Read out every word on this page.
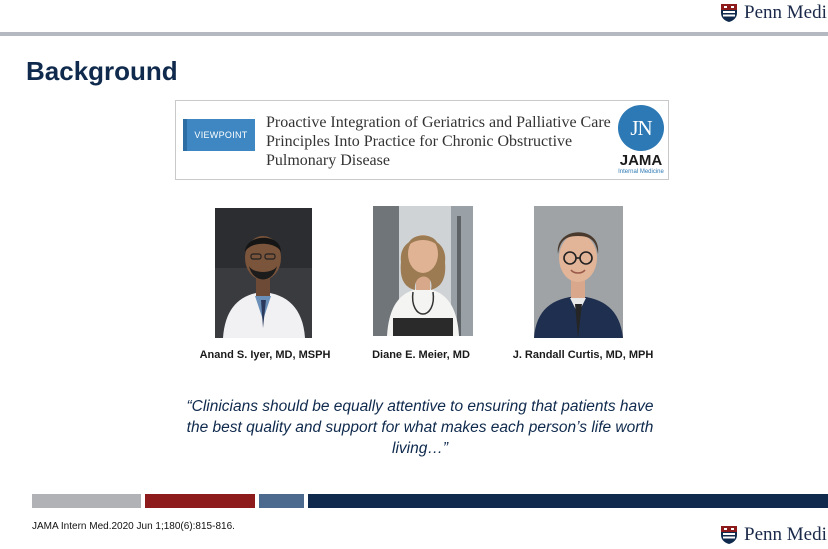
Penn Medi
Background
VIEWPOINT
Proactive Integration of Geriatrics and Palliative Care Principles Into Practice for Chronic Obstructive Pulmonary Disease
JN
JAMA
Internal Medicine
Anand S. Iyer, MD, MSPH	Diane E. Meier, MD	J. Randall Curtis, MD, MPH
“Clinicians should be equally attentive to ensuring that patients have the best quality and support for what makes each person’s life worth living…”
JAMA Intern Med.2020 Jun 1;180(6):815-816.	Penn Medi
